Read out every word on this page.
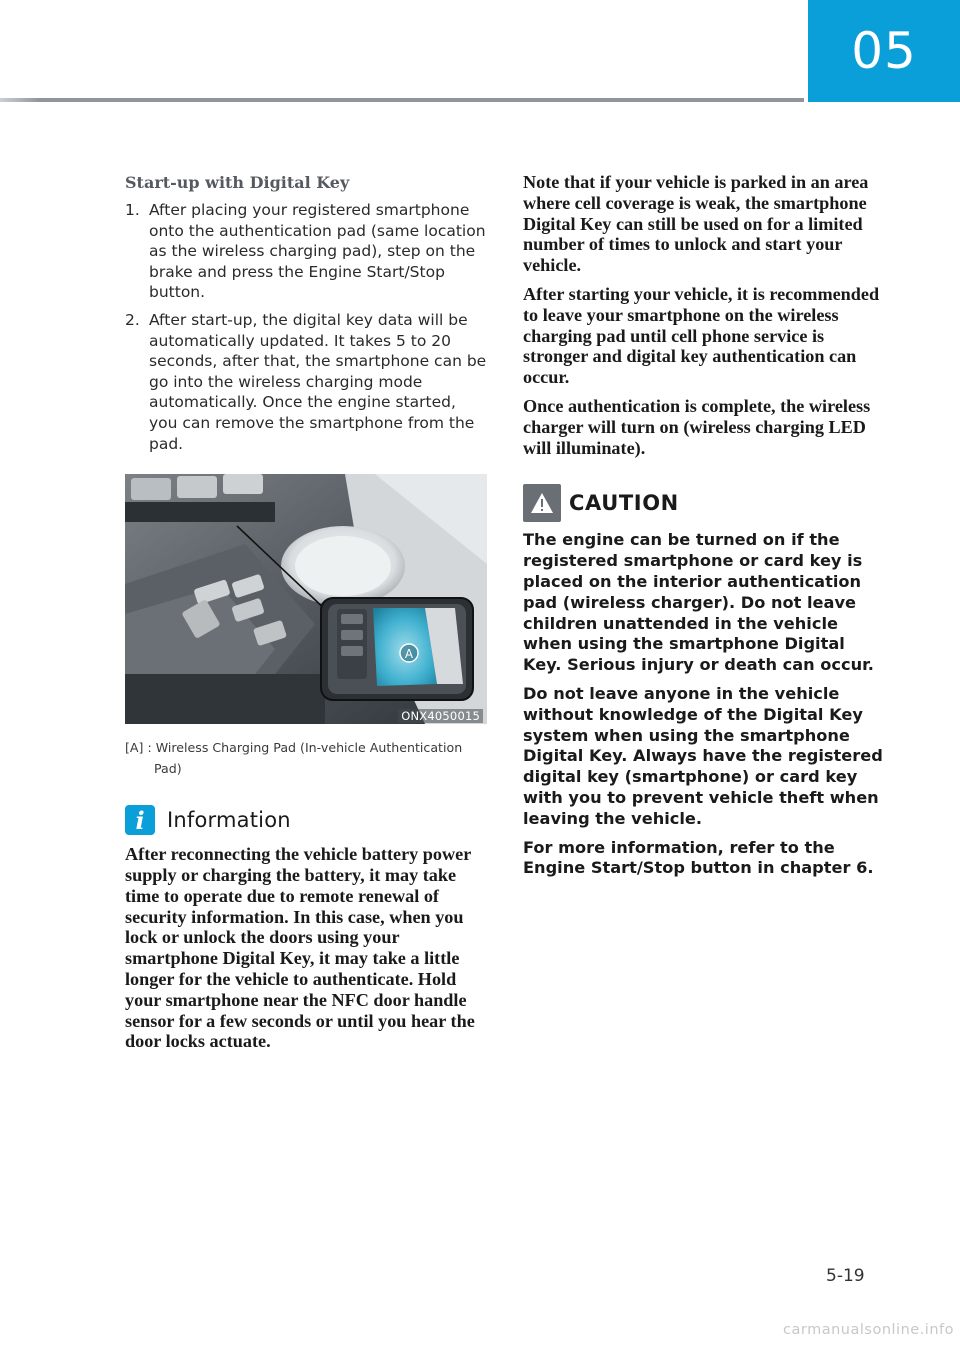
05
Start-up with Digital Key
1. After placing your registered smartphone onto the authentication pad (same location as the wireless charging pad), step on the brake and press the Engine Start/Stop button.
2. After start-up, the digital key data will be automatically updated. It takes 5 to 20 seconds, after that, the smartphone can be go into the wireless charging mode automatically. Once the engine started, you can remove the smartphone from the pad.
A
ONX4050015
[A] : Wireless Charging Pad (In-vehicle Authentication Pad)
i	Information

After reconnecting the vehicle battery power supply or charging the battery, it may take time to operate due to remote renewal of security information. In this case, when you lock or unlock the doors using your smartphone Digital Key, it may take a little longer for the vehicle to authenticate. Hold your smartphone near the NFC door handle sensor for a few seconds or until you hear the door locks actuate.

Note that if your vehicle is parked in an area where cell coverage is weak, the smartphone Digital Key can still be used on for a limited number of times to unlock and start your vehicle.

After starting your vehicle, it is recommended to leave your smartphone on the wireless charging pad until cell phone service is stronger and digital key authentication can occur.

Once authentication is complete, the wireless charger will turn on (wireless charging LED will illuminate).

CAUTION

The engine can be turned on if the registered smartphone or card key is placed on the interior authentication pad (wireless charger). Do not leave children unattended in the vehicle when using the smartphone Digital Key. Serious injury or death can occur.

Do not leave anyone in the vehicle without knowledge of the Digital Key system when using the smartphone Digital Key. Always have the registered digital key (smartphone) or card key with you to prevent vehicle theft when leaving the vehicle.

For more information, refer to the Engine Start/Stop button in chapter 6.

5-19
carmanualsonline.info
